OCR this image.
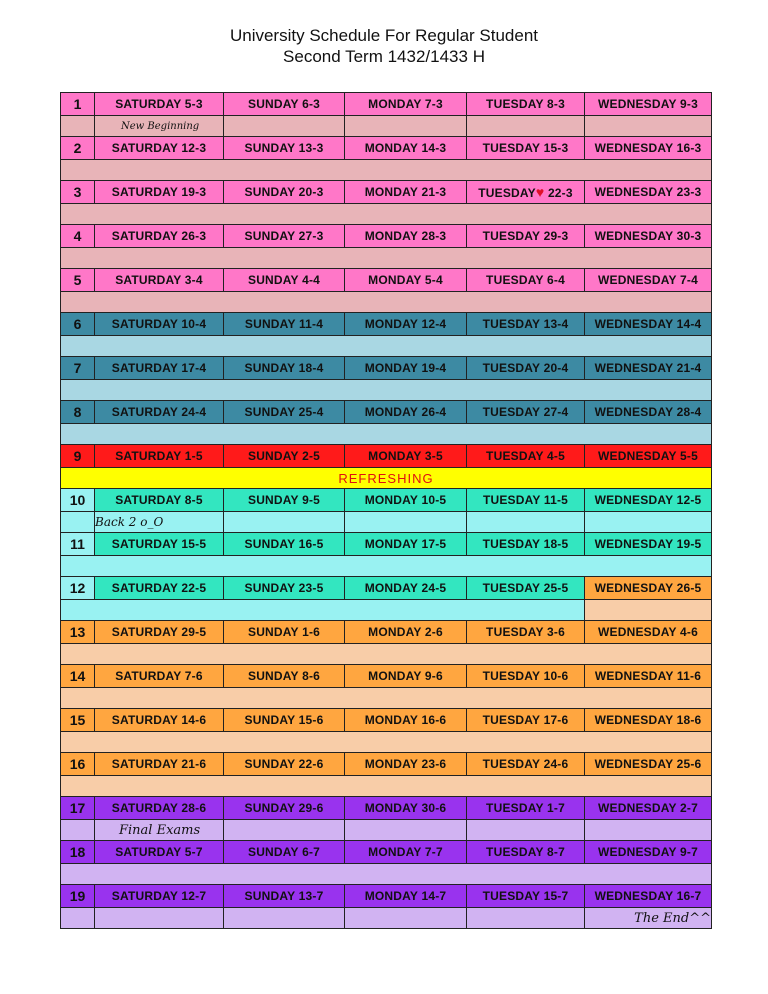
University Schedule For Regular Student
Second Term 1432/1433 H
1	SATURDAY 5-3	SUNDAY 6-3	MONDAY 7-3	TUESDAY 8-3	WEDNESDAY 9-3
	New Beginning				
2	SATURDAY 12-3	SUNDAY 13-3	MONDAY 14-3	TUESDAY 15-3	WEDNESDAY 16-3

3	SATURDAY 19-3	SUNDAY 20-3	MONDAY 21-3	TUESDAY♥ 22-3	WEDNESDAY 23-3

4	SATURDAY 26-3	SUNDAY 27-3	MONDAY 28-3	TUESDAY 29-3	WEDNESDAY 30-3

5	SATURDAY 3-4	SUNDAY 4-4	MONDAY 5-4	TUESDAY 6-4	WEDNESDAY 7-4

6	SATURDAY 10-4	SUNDAY 11-4	MONDAY 12-4	TUESDAY 13-4	WEDNESDAY 14-4

7	SATURDAY 17-4	SUNDAY 18-4	MONDAY 19-4	TUESDAY 20-4	WEDNESDAY 21-4

8	SATURDAY 24-4	SUNDAY 25-4	MONDAY 26-4	TUESDAY 27-4	WEDNESDAY 28-4

9	SATURDAY 1-5	SUNDAY 2-5	MONDAY 3-5	TUESDAY 4-5	WEDNESDAY 5-5
REFRESHING					
10	SATURDAY 8-5	SUNDAY 9-5	MONDAY 10-5	TUESDAY 11-5	WEDNESDAY 12-5
	Back 2 o_O				
11	SATURDAY 15-5	SUNDAY 16-5	MONDAY 17-5	TUESDAY 18-5	WEDNESDAY 19-5

12	SATURDAY 22-5	SUNDAY 23-5	MONDAY 24-5	TUESDAY 25-5	WEDNESDAY 26-5

13	SATURDAY 29-5	SUNDAY 1-6	MONDAY 2-6	TUESDAY 3-6	WEDNESDAY 4-6

14	SATURDAY 7-6	SUNDAY 8-6	MONDAY 9-6	TUESDAY 10-6	WEDNESDAY 11-6

15	SATURDAY 14-6	SUNDAY 15-6	MONDAY 16-6	TUESDAY 17-6	WEDNESDAY 18-6

16	SATURDAY 21-6	SUNDAY 22-6	MONDAY 23-6	TUESDAY 24-6	WEDNESDAY 25-6

17	SATURDAY 28-6	SUNDAY 29-6	MONDAY 30-6	TUESDAY 1-7	WEDNESDAY 2-7
	Final Exams				
18	SATURDAY 5-7	SUNDAY 6-7	MONDAY 7-7	TUESDAY 8-7	WEDNESDAY 9-7

19	SATURDAY 12-7	SUNDAY 13-7	MONDAY 14-7	TUESDAY 15-7	WEDNESDAY 16-7
					The End^^
